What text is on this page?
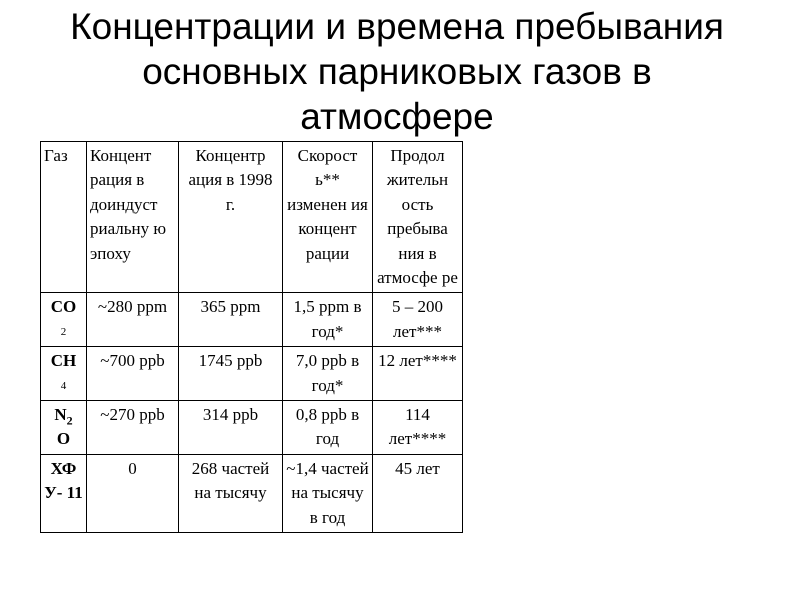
Концентрации и времена пребывания
основных парниковых газов в
атмосфере
Газ	Концент рация в доиндуст риальну ю эпоху	Концентр ация в 1998 г.	Скорост ь** изменен ия концент рации	Продол жительн ость пребыва ния в атмосфе ре
CO
2	~280 ppm	365 ppm	1,5 ppm в год*	5 – 200 лет***
CH
4	~700 ppb	1745 ppb	7,0 ppb в год*	12 лет****
$N_2$
O	~270 ppb	314 ppb	0,8 ppb в год	114 лет****
ХФ У- 11	0	268 частей на тысячу	~1,4 частей на тысячу в год	45 лет
